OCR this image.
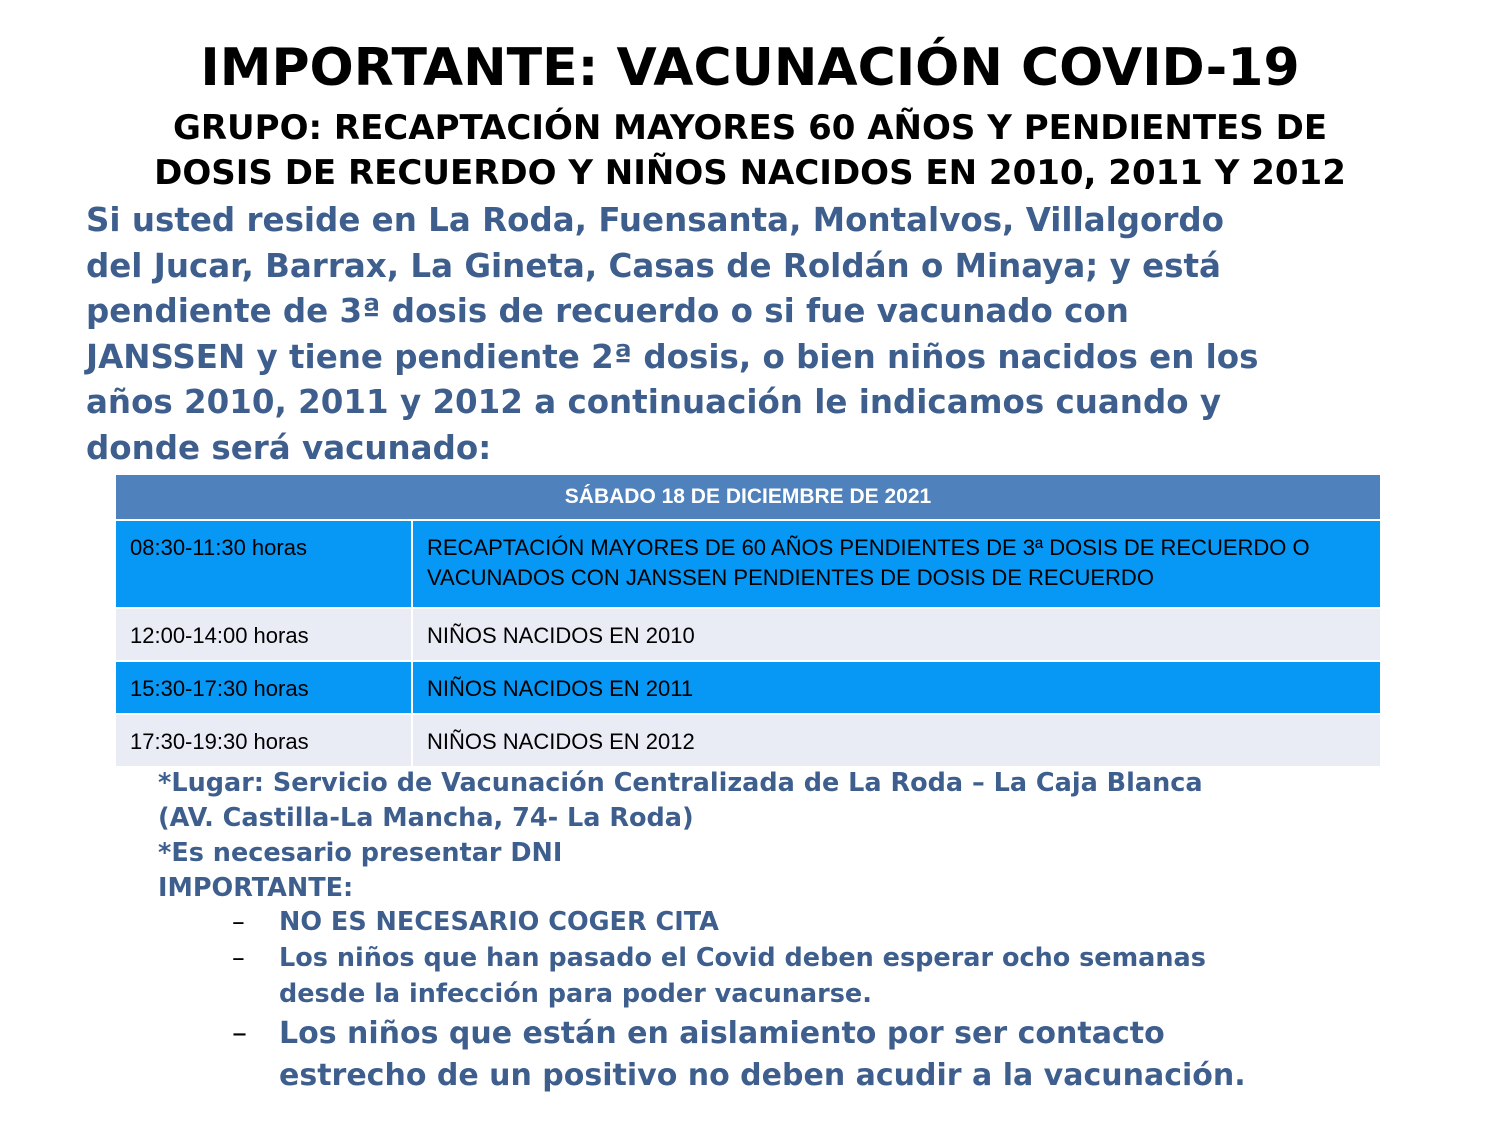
IMPORTANTE: VACUNACIÓN COVID-19
GRUPO: RECAPTACIÓN MAYORES 60 AÑOS Y PENDIENTES DE
DOSIS DE RECUERDO Y NIÑOS NACIDOS EN 2010, 2011 Y 2012
Si usted reside en La Roda, Fuensanta, Montalvos, Villalgordo
del Jucar, Barrax, La Gineta, Casas de Roldán o Minaya; y está
pendiente de 3ª dosis de recuerdo o si fue vacunado con
JANSSEN y tiene pendiente 2ª dosis, o bien niños nacidos en los
años 2010, 2011 y 2012 a continuación le indicamos cuando y
donde será vacunado:
SÁBADO 18 DE DICIEMBRE DE 2021	
08:30-11:30 horas	RECAPTACIÓN MAYORES DE 60 AÑOS PENDIENTES DE 3ª DOSIS DE RECUERDO O
VACUNADOS CON JANSSEN PENDIENTES DE DOSIS DE RECUERDO

12:00-14:00 horas	NIÑOS NACIDOS EN 2010
15:30-17:30 horas	NIÑOS NACIDOS EN 2011
17:30-19:30 horas	NIÑOS NACIDOS EN 2012
*Lugar: Servicio de Vacunación Centralizada de La Roda – La Caja Blanca
(AV. Castilla-La Mancha, 74- La Roda)
*Es necesario presentar DNI
IMPORTANTE:
– NO ES NECESARIO COGER CITA
– Los niños que han pasado el Covid deben esperar ocho semanas
desde la infección para poder vacunarse.
– Los niños que están en aislamiento por ser contacto
estrecho de un positivo no deben acudir a la vacunación.
